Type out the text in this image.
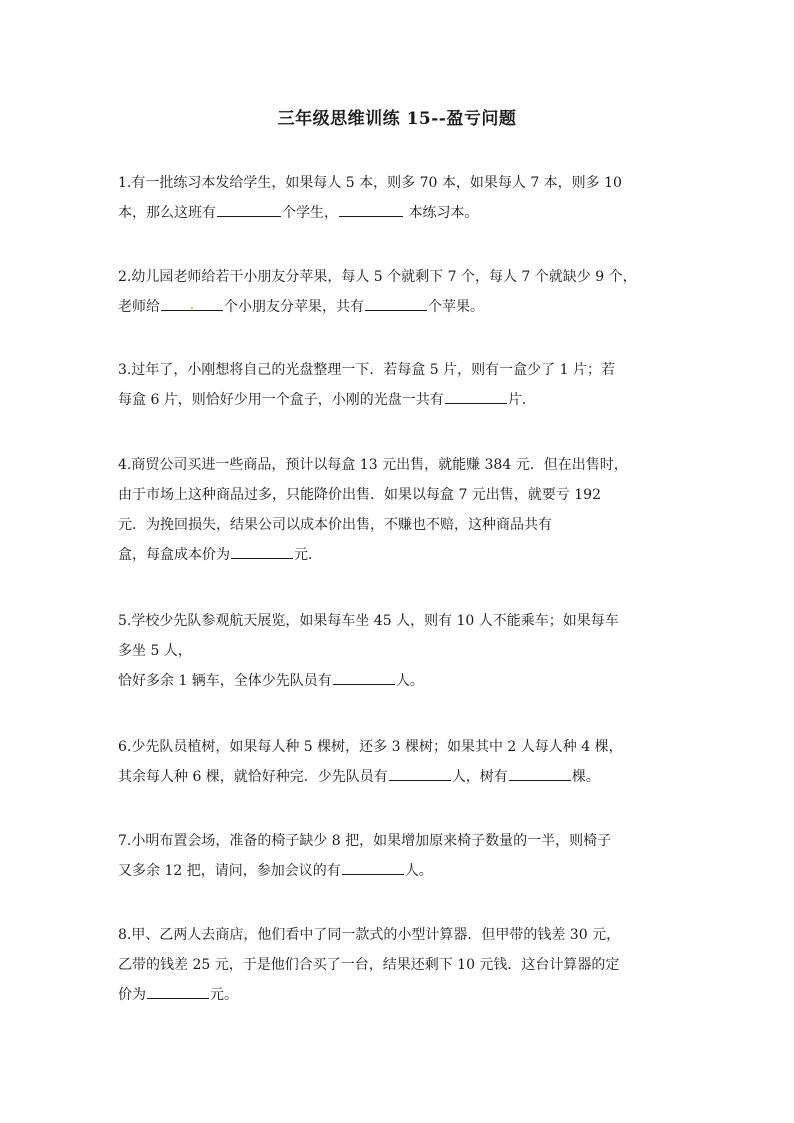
三年级思维训练 15--盈亏问题
1.有一批练习本发给学生，如果每人 5 本，则多 70 本，如果每人 7 本，则多 10
本，那么这班有	个学生，	本练习本。
2.幼儿园老师给若干小朋友分苹果，每人 5 个就剩下 7 个，每人 7 个就缺少 9 个，
老师给	个小朋友分苹果，共有	个苹果。
3.过年了，小刚想将自己的光盘整理一下．若每盒 5 片，则有一盒少了 1 片；若
每盒 6 片，则恰好少用一个盒子，小刚的光盘一共有	片．
4.商贸公司买进一些商品，预计以每盒 13 元出售，就能赚 384 元．但在出售时，
由于市场上这种商品过多，只能降价出售．如果以每盒 7 元出售，就要亏 192
元．为挽回损失，结果公司以成本价出售，不赚也不赔，这种商品共有
盒，每盒成本价为	元．
5.学校少先队参观航天展览，如果每车坐 45 人，则有 10 人不能乘车；如果每车
多坐 5 人，
恰好多余 1 辆车，全体少先队员有	人。
6.少先队员植树，如果每人种 5 棵树，还多 3 棵树；如果其中 2 人每人种 4 棵，
其余每人种 6 棵，就恰好种完．少先队员有	人，树有	棵。
7.小明布置会场，准备的椅子缺少 8 把，如果增加原来椅子数量的一半，则椅子
又多余 12 把，请问，参加会议的有	人。
8.甲、乙两人去商店，他们看中了同一款式的小型计算器．但甲带的钱差 30 元，
乙带的钱差 25 元，于是他们合买了一台，结果还剩下 10 元钱．这台计算器的定
价为	元。
